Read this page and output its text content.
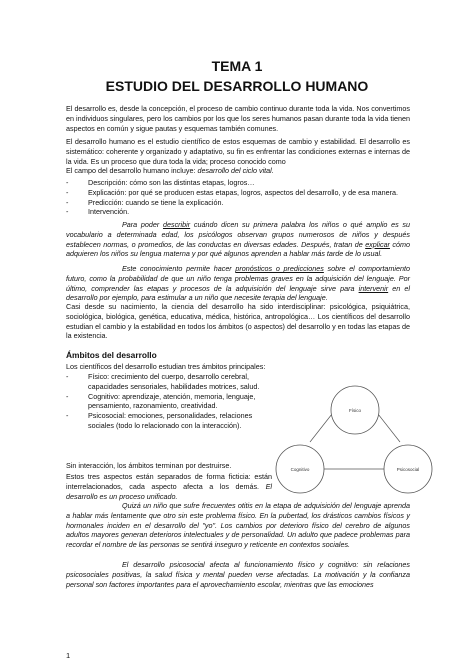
TEMA 1
ESTUDIO DEL DESARROLLO HUMANO

El desarrollo es, desde la concepción, el proceso de cambio continuo durante toda la vida. Nos convertimos en individuos singulares, pero los cambios por los que los seres humanos pasan durante toda la vida tienen aspectos en común y sigue pautas y esquemas también comunes.

El desarrollo humano es el estudio científico de estos esquemas de cambio y estabilidad. El desarrollo es sistemático: coherente y organizado y adaptativo, su fin es enfrentar las condiciones externas e internas de la vida. Es un proceso que dura toda la vida; proceso conocido como

El campo del desarrollo humano incluye: desarrollo del ciclo vital.

- Descripción: cómo son las distintas etapas, logros…
- Explicación: por qué se producen estas etapas, logros, aspectos del desarrollo, y de esa manera.
- Predicción: cuando se tiene la explicación.
- Intervención.

Para poder describir cuándo dicen su primera palabra los niños o qué amplio es su vocabulario a determinada edad, los psicólogos observan grupos numerosos de niños y después establecen normas, o promedios, de las conductas en diversas edades. Después, tratan de explicar cómo adquieren los niños su lengua materna y por qué algunos aprenden a hablar más tarde de lo usual.

Este conocimiento permite hacer pronósticos o predicciones sobre el comportamiento futuro, como la probabilidad de que un niño tenga problemas graves en la adquisición del lenguaje. Por último, comprender las etapas y procesos de la adquisición del lenguaje sirve para intervenir en el desarrollo por ejemplo, para estimular a un niño que necesite terapia del lenguaje.

Casi desde su nacimiento, la ciencia del desarrollo ha sido interdisciplinar: psicológica, psiquiátrica, sociológica, biológica, genética, educativa, médica, histórica, antropológica… Los científicos del desarrollo estudian el cambio y la estabilidad en todos los ámbitos (o aspectos) del desarrollo y en todas las etapas de la existencia.

Ámbitos del desarrollo

Los científicos del desarrollo estudian tres ámbitos principales:

- Físico: crecimiento del cuerpo, desarrollo cerebral, capacidades sensoriales, habilidades motrices, salud.
- Cognitivo: aprendizaje, atención, memoria, lenguaje, pensamiento, razonamiento, creatividad.
- Psicosocial: emociones, personalidades, relaciones sociales (todo lo relacionado con la interacción).

Sin interacción, los ámbitos terminan por destruirse.

Estos tres aspectos están separados de forma ficticia: están interrelacionados, cada aspecto afecta a los demás. El desarrollo es un proceso unificado.

Físico
Cognitivo	Psicosocial

Quizá un niño que sufre frecuentes otitis en la etapa de adquisición del lenguaje aprenda a hablar más lentamente que otro sin este problema físico. En la pubertad, los drásticos cambios físicos y hormonales inciden en el desarrollo del "yo". Los cambios por deterioro físico del cerebro de algunos adultos mayores generan deterioros intelectuales y de personalidad. Un adulto que padece problemas para recordar el nombre de las personas se sentirá inseguro y reticente en contextos sociales.

El desarrollo psicosocial afecta al funcionamiento físico y cognitivo: sin relaciones psicosociales positivas, la salud física y mental pueden verse afectadas. La motivación y la confianza personal son factores importantes para el aprovechamiento escolar, mientras que las emociones

1
